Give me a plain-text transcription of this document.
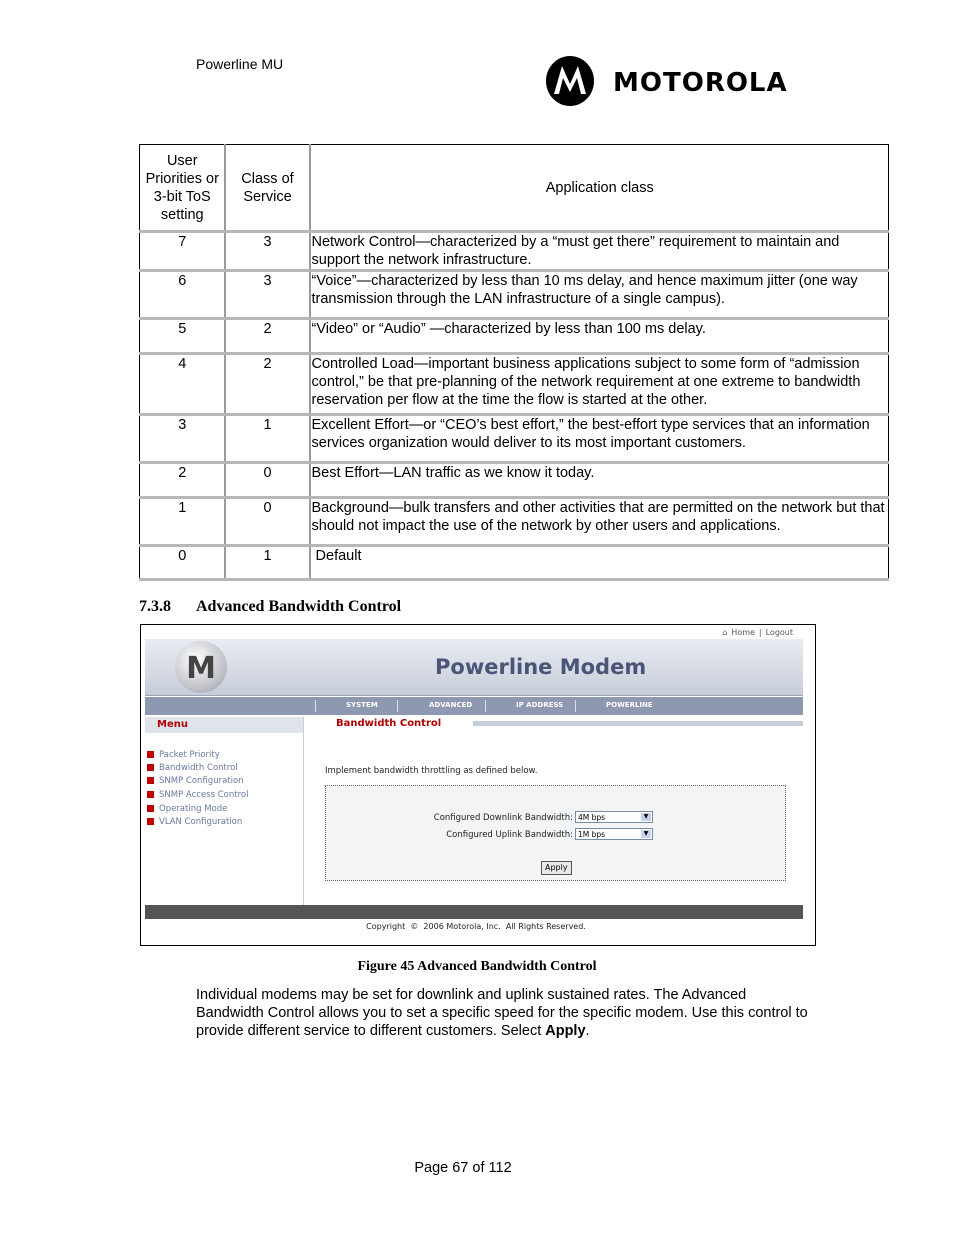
Powerline MU
MOTOROLA
User Priorities or 3-bit ToS setting	Class of Service	Application class
7	3	Network Control—characterized by a “must get there” requirement to maintain and support the network infrastructure.
6	3	“Voice”—characterized by less than 10 ms delay, and hence maximum jitter (one way transmission through the LAN infrastructure of a single campus).
5	2	“Video” or “Audio” —characterized by less than 100 ms delay.
4	2	Controlled Load—important business applications subject to some form of “admission control,” be that pre-planning of the network requirement at one extreme to bandwidth reservation per flow at the time the flow is started at the other.
3	1	Excellent Effort—or “CEO’s best effort,” the best-effort type services that an information services organization would deliver to its most important customers.
2	0	Best Effort—LAN traffic as we know it today.
1	0	Background—bulk transfers and other activities that are permitted on the network but that should not impact the use of the network by other users and applications.
0	1	Default
7.3.8 Advanced Bandwidth Control
⌂ Home | Logout
M	Powerline Modem
SYSTEM	ADVANCED	IP ADDRESS	POWERLINE
Menu
Packet Priority
Bandwidth Control
SNMP Configuration
SNMP Access Control
Operating Mode
VLAN Configuration
Bandwidth Control
Implement bandwidth throttling as defined below.
Configured Downlink Bandwidth: 4M bps	▼
Configured Uplink Bandwidth: 1M bps	▼
Apply
Copyright  ©  2006 Motorola, Inc.  All Rights Reserved.
Figure 45 Advanced Bandwidth Control
Individual modems may be set for downlink and uplink sustained rates. The Advanced Bandwidth Control allows you to set a specific speed for the specific modem. Use this control to provide different service to different customers. Select Apply.
Page 67 of 112
